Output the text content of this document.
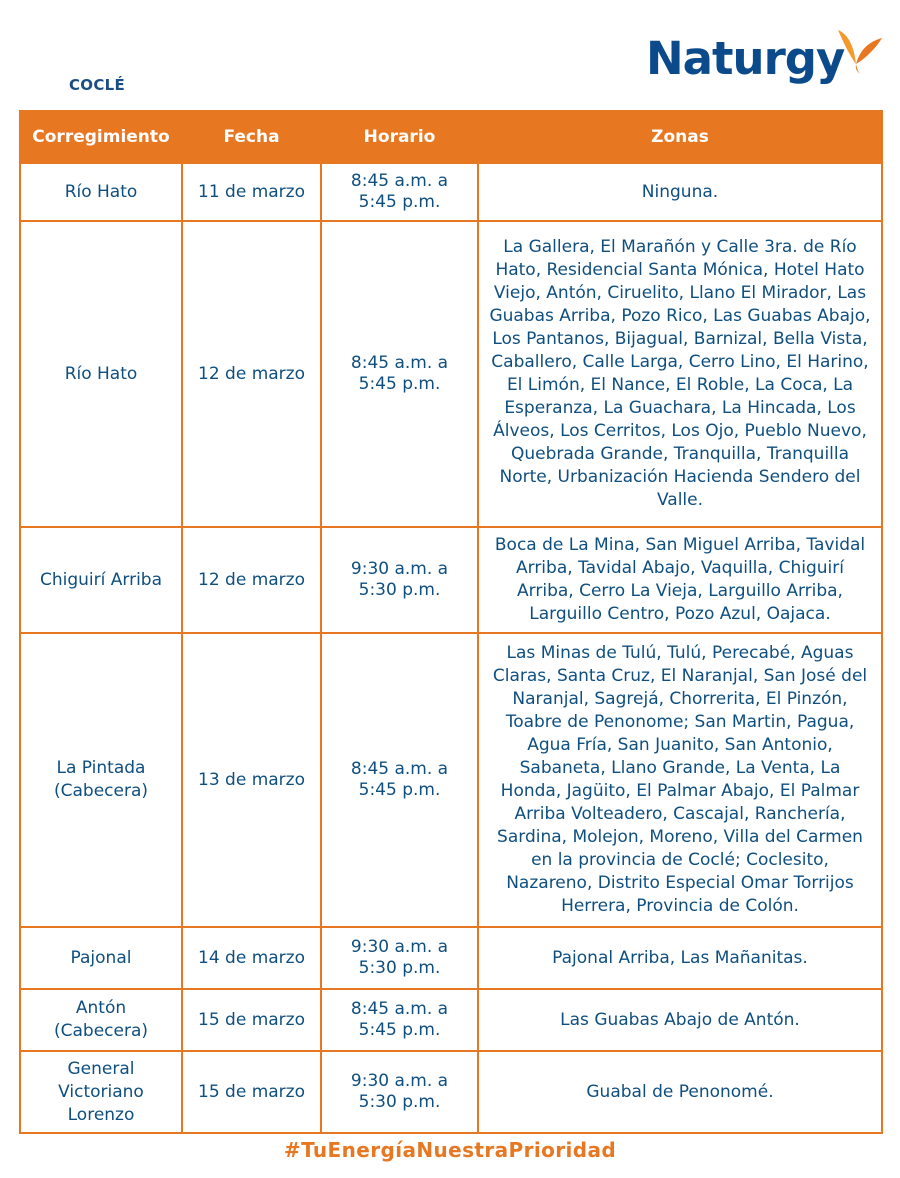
COCLÉ	Naturgy
Corregimiento	Fecha	Horario	Zonas
Río Hato	11 de marzo	8:45 a.m. a 5:45 p.m.	Ninguna.
Río Hato	12 de marzo	8:45 a.m. a 5:45 p.m.	La Gallera, El Marañón y Calle 3ra. de Río Hato, Residencial Santa Mónica, Hotel Hato Viejo, Antón, Ciruelito, Llano El Mirador, Las Guabas Arriba, Pozo Rico, Las Guabas Abajo, Los Pantanos, Bijagual, Barnizal, Bella Vista, Caballero, Calle Larga, Cerro Lino, El Harino, El Limón, El Nance, El Roble, La Coca, La Esperanza, La Guachara, La Hincada, Los Álveos, Los Cerritos, Los Ojo, Pueblo Nuevo, Quebrada Grande, Tranquilla, Tranquilla Norte, Urbanización Hacienda Sendero del Valle.
Chiguirí Arriba	12 de marzo	9:30 a.m. a 5:30 p.m.	Boca de La Mina, San Miguel Arriba, Tavidal Arriba, Tavidal Abajo, Vaquilla, Chiguirí Arriba, Cerro La Vieja, Larguillo Arriba, Larguillo Centro, Pozo Azul, Oajaca.
La Pintada (Cabecera)	13 de marzo	8:45 a.m. a 5:45 p.m.	Las Minas de Tulú, Tulú, Perecabé, Aguas Claras, Santa Cruz, El Naranjal, San José del Naranjal, Sagrejá, Chorrerita, El Pinzón, Toabre de Penonome; San Martin, Pagua, Agua Fría, San Juanito, San Antonio, Sabaneta, Llano Grande, La Venta, La Honda, Jagüito, El Palmar Abajo, El Palmar Arriba Volteadero, Cascajal, Ranchería, Sardina, Molejon, Moreno, Villa del Carmen en la provincia de Coclé; Coclesito, Nazareno, Distrito Especial Omar Torrijos Herrera, Provincia de Colón.
Pajonal	14 de marzo	9:30 a.m. a 5:30 p.m.	Pajonal Arriba, Las Mañanitas.
Antón (Cabecera)	15 de marzo	8:45 a.m. a 5:45 p.m.	Las Guabas Abajo de Antón.
General Victoriano Lorenzo	15 de marzo	9:30 a.m. a 5:30 p.m.	Guabal de Penonomé.
#TuEnergíaNuestraPrioridad
